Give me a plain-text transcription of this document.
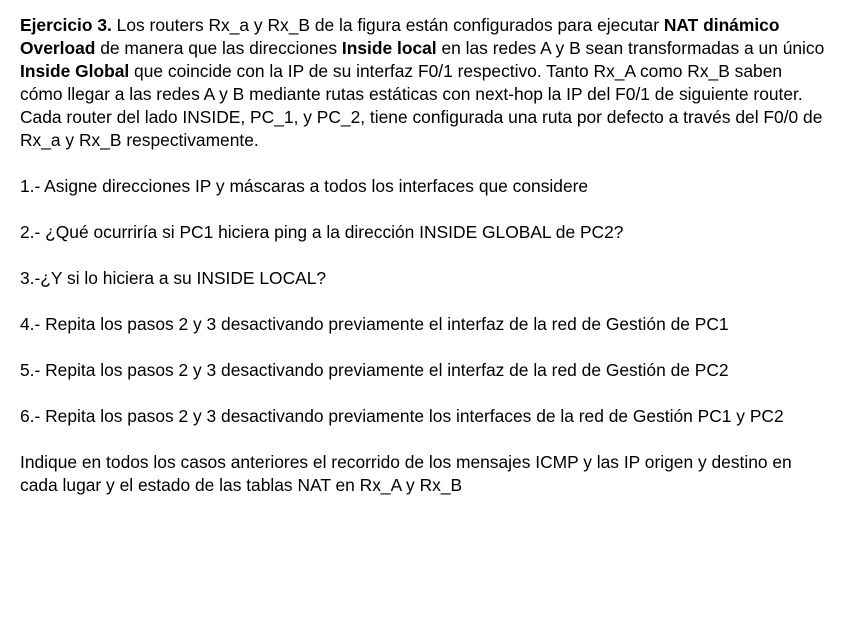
Ejercicio 3. Los routers Rx_a y Rx_B de la figura están configurados para ejecutar NAT dinámico Overload de manera que las direcciones Inside local en las redes A y B sean transformadas a un único Inside Global que coincide con la IP de su interfaz F0/1 respectivo. Tanto Rx_A como Rx_B saben cómo llegar a las redes A y B mediante rutas estáticas con next-hop la IP del F0/1 de siguiente router. Cada router del lado INSIDE, PC_1, y PC_2, tiene configurada una ruta por defecto a través del F0/0 de Rx_a y Rx_B respectivamente.

1.- Asigne direcciones IP y máscaras a todos los interfaces que considere

2.- ¿Qué ocurriría si PC1 hiciera ping a la dirección INSIDE GLOBAL de PC2?

3.-¿Y si lo hiciera a su INSIDE LOCAL?

4.- Repita los pasos 2 y 3 desactivando previamente el interfaz de la red de Gestión de PC1

5.- Repita los pasos 2 y 3 desactivando previamente el interfaz de la red de Gestión de PC2

6.- Repita los pasos 2 y 3 desactivando previamente los interfaces de la red de Gestión PC1 y PC2

Indique en todos los casos anteriores el recorrido de los mensajes ICMP y las IP origen y destino en cada lugar y el estado de las tablas NAT en Rx_A y Rx_B
